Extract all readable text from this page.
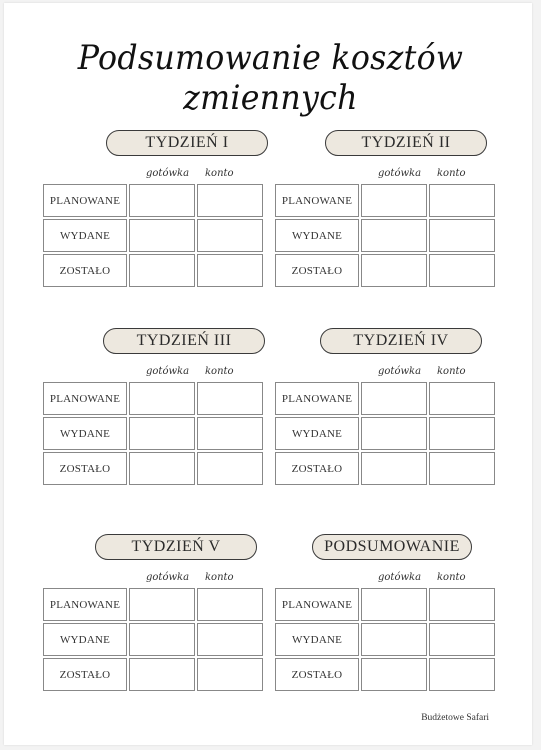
Podsumowanie kosztów zmiennych
TYDZIEŃ I
gotówka konto
PLANOWANE
WYDANE
ZOSTAŁO
TYDZIEŃ II
gotówka konto
PLANOWANE
WYDANE
ZOSTAŁO
TYDZIEŃ III
gotówka konto
PLANOWANE
WYDANE
ZOSTAŁO
TYDZIEŃ IV
gotówka konto
PLANOWANE
WYDANE
ZOSTAŁO
TYDZIEŃ V
gotówka konto
PLANOWANE
WYDANE
ZOSTAŁO
PODSUMOWANIE
gotówka konto
PLANOWANE
WYDANE
ZOSTAŁO
Budżetowe Safari
